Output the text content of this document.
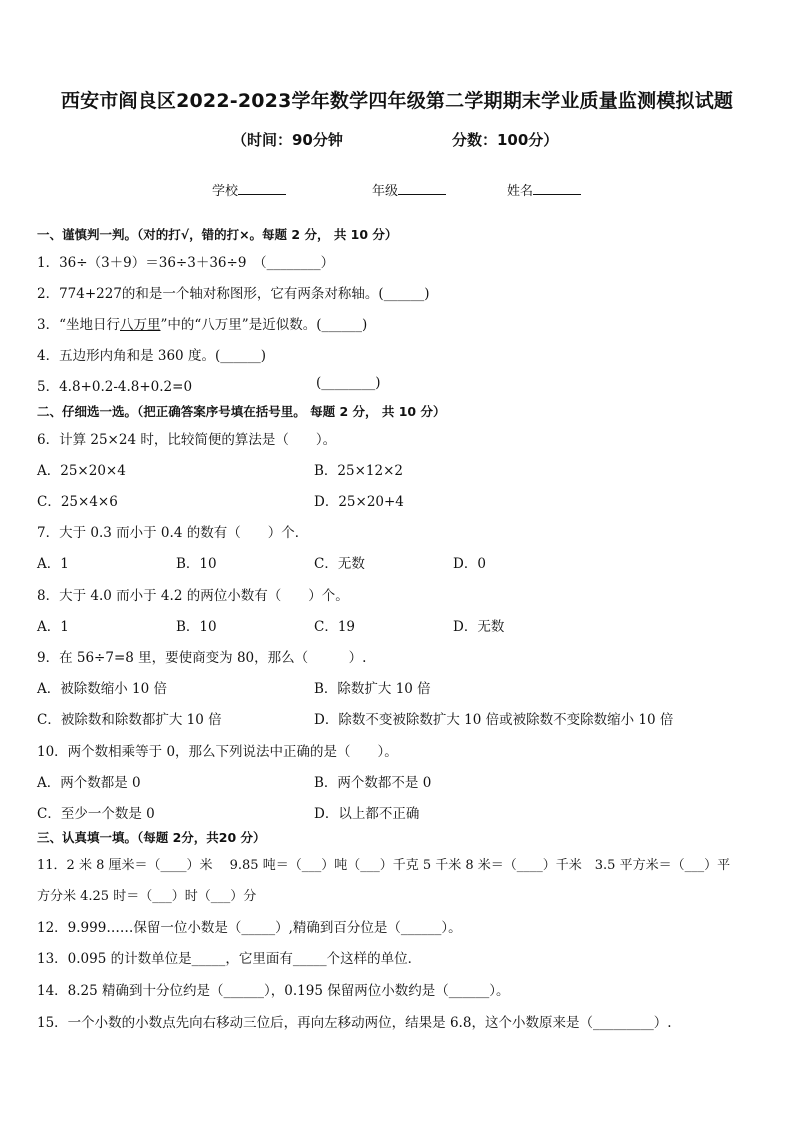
西安市阎良区2022-2023学年数学四年级第二学期期末学业质量监测模拟试题
（时间：90分钟	分数：100分）
学校	年级	姓名
一、谨慎判一判。（对的打√，错的打×。每题 2 分， 共 10 分）
1．36÷（3＋9）＝36÷3＋36÷9　（________）
2．774+227的和是一个轴对称图形，它有两条对称轴。(______)
3．“坐地日行八万里”中的“八万里”是近似数。(______)
4．五边形内角和是 360 度。(______)
5．4.8+0.2-4.8+0.2=0	(________)
二、仔细选一选。（把正确答案序号填在括号里。 每题 2 分， 共 10 分）
6．计算 25×24 时，比较简便的算法是（　　）。
A．25×20×4	B．25×12×2
C．25×4×6	D．25×20+4
7．大于 0.3 而小于 0.4 的数有（　　）个．
A．1	B．10	C．无数	D．0
8．大于 4.0 而小于 4.2 的两位小数有（　　）个。
A．1	B．10	C．19	D．无数
9．在 56÷7=8 里，要使商变为 80，那么（　　　）.
A．被除数缩小 10 倍	B．除数扩大 10 倍
C．被除数和除数都扩大 10 倍	D．除数不变被除数扩大 10 倍或被除数不变除数缩小 10 倍
10．两个数相乘等于 0，那么下列说法中正确的是（　　）。
A．两个数都是 0	B．两个数都不是 0
C．至少一个数是 0	D．以上都不正确
三、认真填一填。（每题 2分，共20 分）
11．2 米 8 厘米＝（____）米　 9.85 吨＝（___）吨（___）千克 5 千米 8 米＝（____）千米　3.5 平方米＝（___）平
方分米 4.25 时＝（___）时（___）分
12．9.999……保留一位小数是（_____）,精确到百分位是（______）。
13．0.095 的计数单位是_____，它里面有_____个这样的单位．
14．8.25 精确到十分位约是（______），0.195 保留两位小数约是（______）。
15．一个小数的小数点先向右移动三位后，再向左移动两位，结果是 6.8，这个小数原来是（_________）.
